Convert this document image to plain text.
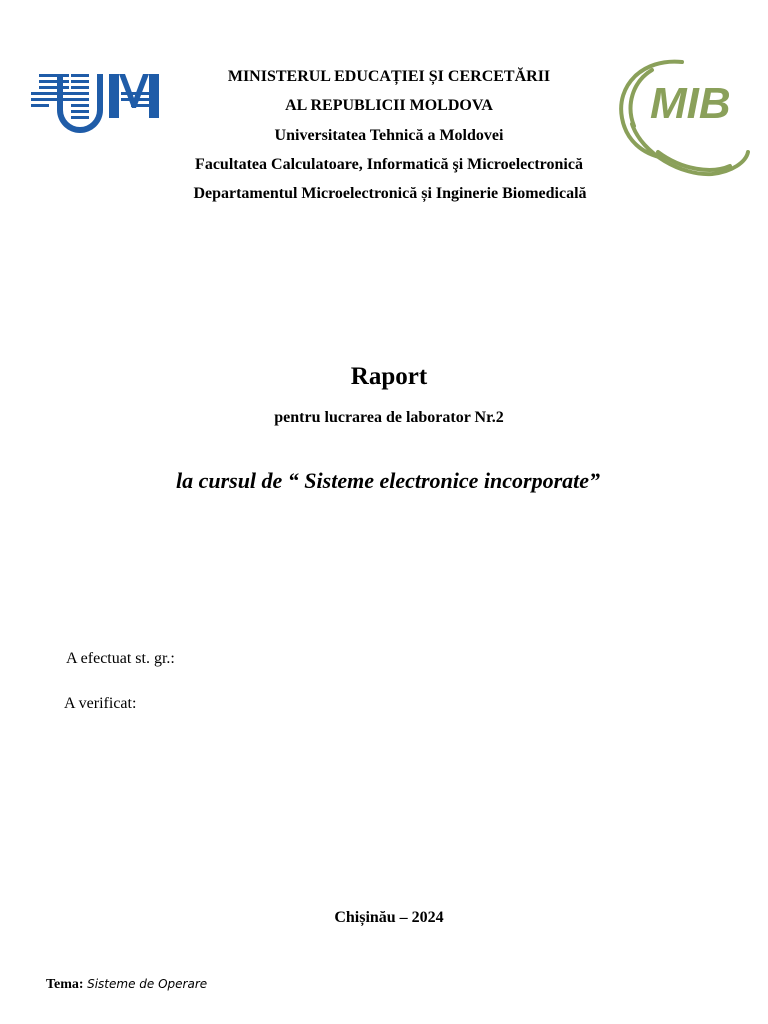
MIB
MINISTERUL EDUCAȚIEI ȘI CERCETĂRII
AL REPUBLICII MOLDOVA
Universitatea Tehnică a Moldovei
Facultatea Calculatoare, Informatică şi Microelectronică
Departamentul Microelectronică și Inginerie Biomedicală
Raport
pentru lucrarea de laborator Nr.2
la cursul de “ Sisteme electronice incorporate”
A efectuat st. gr.:
A verificat:
Chișinău – 2024
Tema: Sisteme de Operare
